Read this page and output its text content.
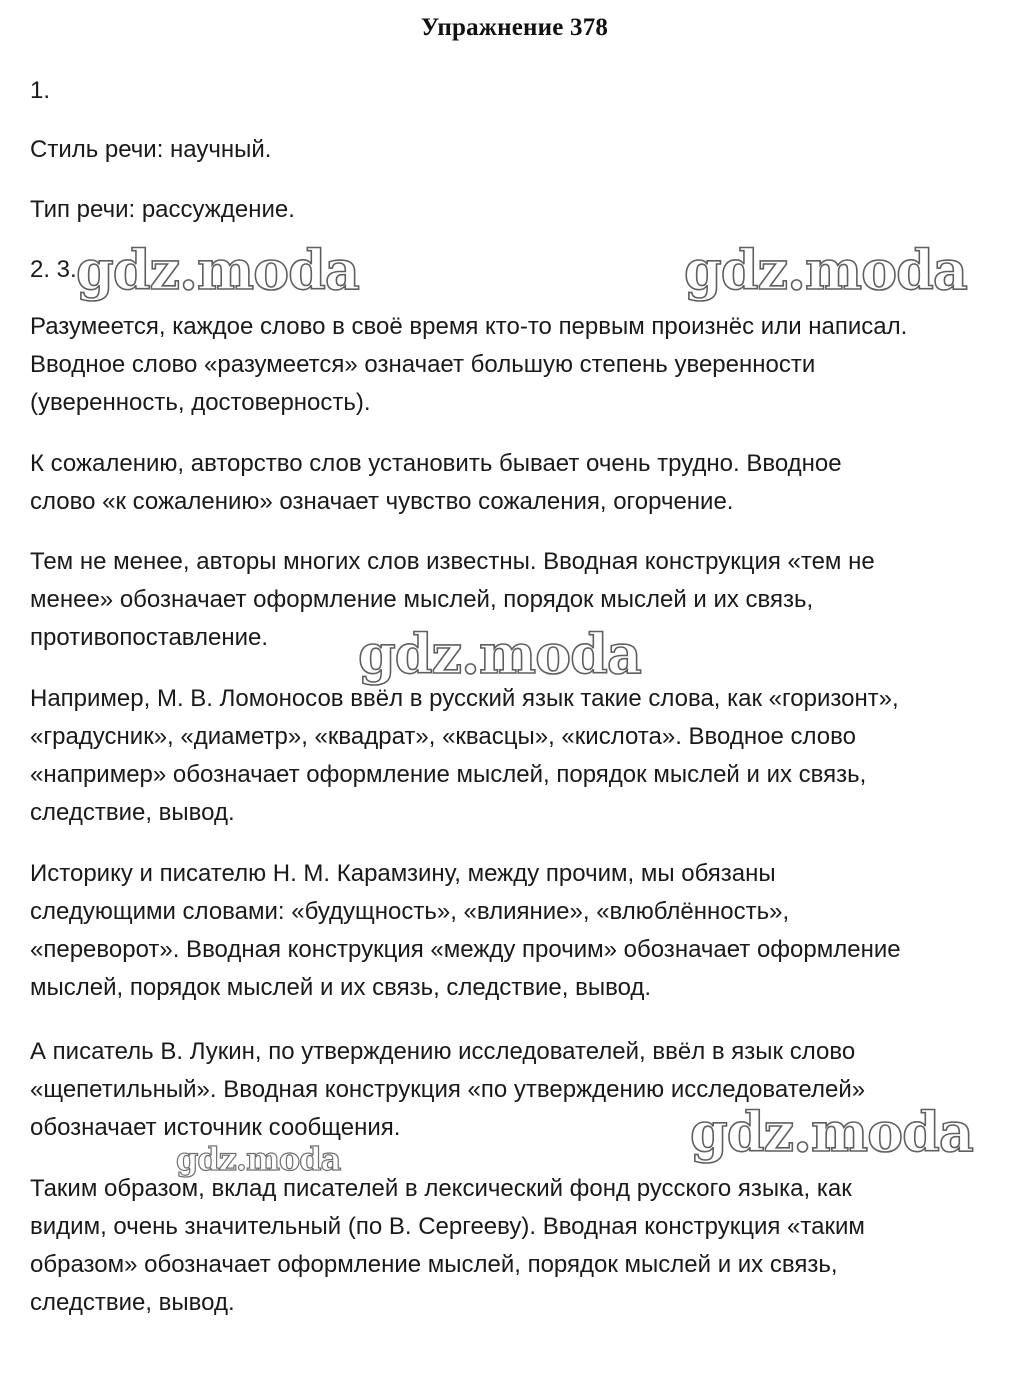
Упражнение 378
1.
Стиль речи: научный.
Тип речи: рассуждение.
2. 3.
Разумеется, каждое слово в своё время кто-то первым произнёс или написал.
Вводное слово «разумеется» означает большую степень уверенности
(уверенность, достоверность).
К сожалению, авторство слов установить бывает очень трудно. Вводное
слово «к сожалению» означает чувство сожаления, огорчение.
Тем не менее, авторы многих слов известны. Вводная конструкция «тем не
менее» обозначает оформление мыслей, порядок мыслей и их связь,
противопоставление.
Например, М. В. Ломоносов ввёл в русский язык такие слова, как «горизонт»,
«градусник», «диаметр», «квадрат», «квасцы», «кислота». Вводное слово
«например» обозначает оформление мыслей, порядок мыслей и их связь,
следствие, вывод.
Историку и писателю Н. М. Карамзину, между прочим, мы обязаны
следующими словами: «будущность», «влияние», «влюблённость»,
«переворот». Вводная конструкция «между прочим» обозначает оформление
мыслей, порядок мыслей и их связь, следствие, вывод.
А писатель В. Лукин, по утверждению исследователей, ввёл в язык слово
«щепетильный». Вводная конструкция «по утверждению исследователей»
обозначает источник сообщения.
Таким образом, вклад писателей в лексический фонд русского языка, как
видим, очень значительный (по В. Сергееву). Вводная конструкция «таким
образом» обозначает оформление мыслей, порядок мыслей и их связь,
следствие, вывод.
gdz.moda	gdz.moda
gdz.moda
gdz.moda
gdz.moda
